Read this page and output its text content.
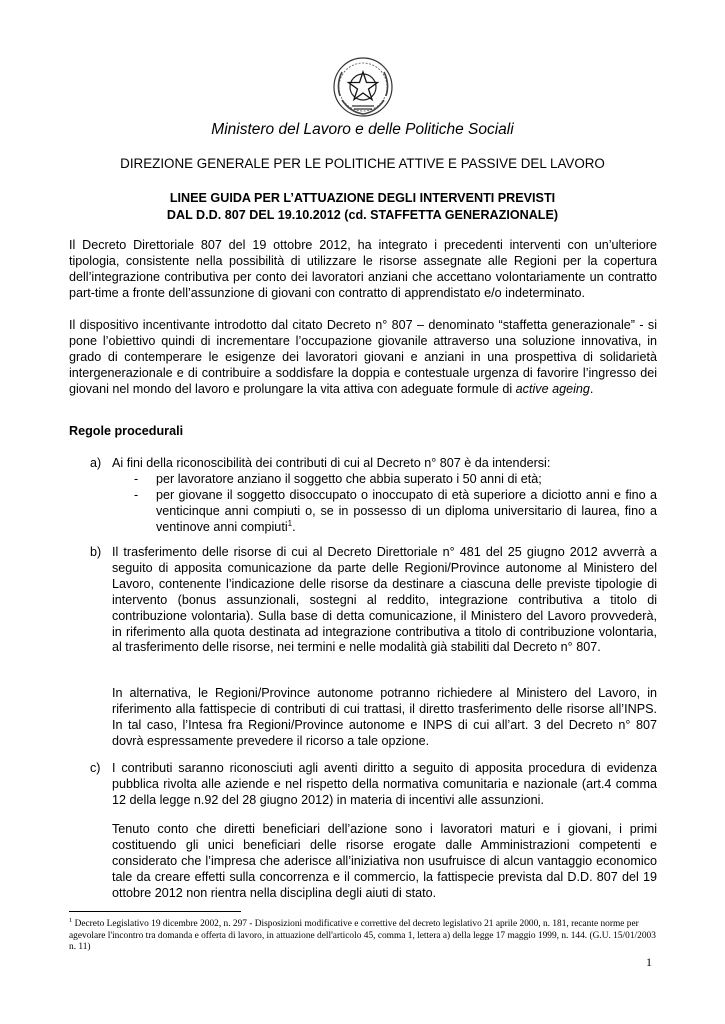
Ministero del Lavoro e delle Politiche Sociali
DIREZIONE GENERALE PER LE POLITICHE ATTIVE E PASSIVE DEL LAVORO
LINEE GUIDA PER L’ATTUAZIONE DEGLI INTERVENTI PREVISTI
DAL D.D. 807 DEL 19.10.2012 (cd. STAFFETTA GENERAZIONALE)
Il Decreto Direttoriale 807 del 19 ottobre 2012, ha integrato i precedenti interventi con un’ulteriore tipologia, consistente nella possibilità di utilizzare le risorse assegnate alle Regioni per la copertura dell’integrazione contributiva per conto dei lavoratori anziani che accettano volontariamente un contratto part-time a fronte dell’assunzione di giovani con contratto di apprendistato e/o indeterminato.
Il dispositivo incentivante introdotto dal citato Decreto n° 807 – denominato “staffetta generazionale” - si pone l’obiettivo quindi di incrementare l’occupazione giovanile attraverso una soluzione innovativa, in grado di contemperare le esigenze dei lavoratori giovani e anziani in una prospettiva di solidarietà intergenerazionale e di contribuire a soddisfare la doppia e contestuale urgenza di favorire l’ingresso dei giovani nel mondo del lavoro e prolungare la vita attiva con adeguate formule di active ageing.
Regole procedurali
a) Ai fini della riconoscibilità dei contributi di cui al Decreto n° 807 è da intendersi:
- per lavoratore anziano il soggetto che abbia superato i 50 anni di età;
- per giovane il soggetto disoccupato o inoccupato di età superiore a diciotto anni e fino a venticinque anni compiuti o, se in possesso di un diploma universitario di laurea, fino a ventinove anni compiuti$^1$.
b) Il trasferimento delle risorse di cui al Decreto Direttoriale n° 481 del 25 giugno 2012 avverrà a seguito di apposita comunicazione da parte delle Regioni/Province autonome al Ministero del Lavoro, contenente l’indicazione delle risorse da destinare a ciascuna delle previste tipologie di intervento (bonus assunzionali, sostegni al reddito, integrazione contributiva a titolo di contribuzione volontaria). Sulla base di detta comunicazione, il Ministero del Lavoro provvederà, in riferimento alla quota destinata ad integrazione contributiva a titolo di contribuzione volontaria, al trasferimento delle risorse, nei termini e nelle modalità già stabiliti dal Decreto n° 807.
In alternativa, le Regioni/Province autonome potranno richiedere al Ministero del Lavoro, in riferimento alla fattispecie di contributi di cui trattasi, il diretto trasferimento delle risorse all’INPS. In tal caso, l’Intesa fra Regioni/Province autonome e INPS di cui all’art. 3 del Decreto n° 807 dovrà espressamente prevedere il ricorso a tale opzione.
c) I contributi saranno riconosciuti agli aventi diritto a seguito di apposita procedura di evidenza pubblica rivolta alle aziende e nel rispetto della normativa comunitaria e nazionale (art.4 comma 12 della legge n.92 del 28 giugno 2012) in materia di incentivi alle assunzioni.
Tenuto conto che diretti beneficiari dell’azione sono i lavoratori maturi e i giovani, i primi costituendo gli unici beneficiari delle risorse erogate dalle Amministrazioni competenti e considerato che l’impresa che aderisce all’iniziativa non usufruisce di alcun vantaggio economico tale da creare effetti sulla concorrenza e il commercio, la fattispecie prevista dal D.D. 807 del 19 ottobre 2012 non rientra nella disciplina degli aiuti di stato.
$^1$ Decreto Legislativo 19 dicembre 2002, n. 297 - Disposizioni modificative e correttive del decreto legislativo 21 aprile 2000, n. 181, recante norme per agevolare l'incontro tra domanda e offerta di lavoro, in attuazione dell'articolo 45, comma 1, lettera a) della legge 17 maggio 1999, n. 144. (G.U. 15/01/2003 n. 11)
1
